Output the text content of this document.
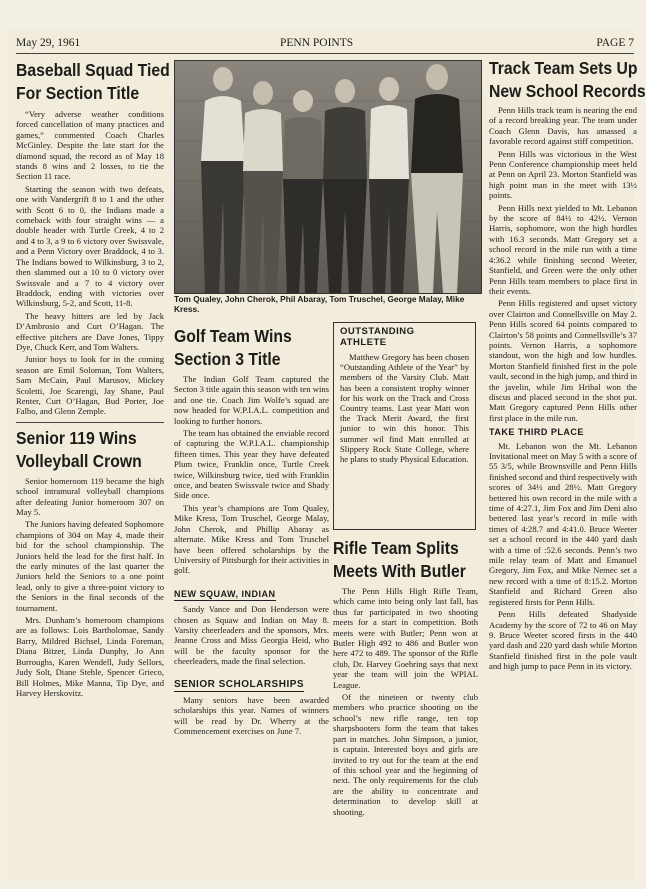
May 29, 1961	PENN POINTS	PAGE 7
Baseball Squad Tied
For Section Title

“Very adverse weather conditions forced cancellation of many practices and games,” commented Coach Charles McGinley. Despite the late start for the diamond squad, the record as of May 18 stands 8 wins and 2 losses, to tie the Section 11 race.

Starting the season with two defeats, one with Vandergrift 8 to 1 and the other with Scott 6 to 0, the Indians made a comeback with four straight wins — a double header with Turtle Creek, 4 to 2 and 4 to 3, a 9 to 6 victory over Swissvale, and a Penn Victory over Braddock, 4 to 3. The Indians bowed to Wilkinsburg, 3 to 2, then slammed out a 10 to 0 victory over Swissvale and a 7 to 4 victory over Braddock, ending with victories over Wilkinsburg, 5-2, and Scott, 11-8.

The heavy hitters are led by Jack D’Ambrosio and Curt O’Hagan. The effective pitchers are Dave Jones, Tippy Dye, Chuck Kerr, and Tom Walters.

Junior boys to look for in the coming season are Emil Soloman, Tom Walters, Sam McCain, Paul Marusov, Mickey Scoletti, Joe Scarengi, Jay Shane, Paul Renter, Curt O’Hagan, Bud Porter, Joe Falbo, and Glenn Zemple.

Senior 119 Wins
Volleyball Crown

Senior homeroom 119 became the high school intramural volleyball champions after defeating Junior homeroom 307 on May 5.

The Juniors having defeated Sophomore champions of 304 on May 4, made their bid for the school championship. The Juniors held the lead for the first half. In the early minutes of the last quarter the Juniors held the Seniors to a one point lead, only to give a three-point victory to the Seniors in the final seconds of the tournament.

Mrs. Dunham’s homeroom champions are as follows: Lois Bartholomae, Sandy Barry, Mildred Bichsel, Linda Foreman, Diana Bitzer, Linda Dunphy, Jo Ann Burroughs, Karen Wendell, Judy Sellors, Judy Solt, Diane Stehle, Spencer Grieco, Bill Holmes, Mike Manna, Tip Dye, and Harvey Herskovitz.

Tom Qualey, John Cherok, Phil Abaray, Tom Truschel, George Malay, Mike Kress.
Golf Team Wins
Section 3 Title

The Indian Golf Team captured the Secton 3 title again this season with ten wins and one tie. Coach Jim Wolfe’s squad are now headed for W.P.I.A.L. competition and looking to further honors.

The team has obtained the enviable record of capturing the W.P.I.A.L. championship fifteen times. This year they have defeated Plum twice, Franklin once, Turtle Creek twice, Wilkinsburg twice, tied with Franklin once, and beaten Swissvale twice and Shady Side once.

This year’s champions are Tom Qualey, Mike Kress, Tom Truschel, George Malay, John Cherok, and Phillip Abaray as alternate. Mike Kress and Tom Truschel have been offered scholarships by the University of Pittsburgh for their activities in golf.

NEW SQUAW, INDIAN

Sandy Vance and Don Henderson were chosen as Squaw and Indian on May 8. Varsity cheerleaders and the sponsors, Mrs. Jeanne Cross and Miss Georgia Heid, who will be the faculty sponsor for the cheerleaders, made the final selection.

SENIOR SCHOLARSHIPS

Many seniors have been awarded scholarships this year. Names of winners will be read by Dr. Wherry at the Commencement exercises on June 7.

OUTSTANDING
ATHLETE

Matthew Gregory has been chosen “Outstanding Athlete of the Year” by members of the Varsity Club. Matt has been a consistent trophy winner for his work on the Track and Cross Country teams. Last year Matt won the Track Merit Award, the first junior to win this honor. This summer wil find Matt enrolled at Slippery Rock State College, where he plans to study Physical Education.

Rifle Team Splits
Meets With Butler

The Penn Hills High Rifle Team, which came into being only last fall, has thus far participated in two shooting meets for a start in competition. Both meets were with Butler; Penn won at Butler High 492 to 486 and Butler won here 472 to 489. The sponsor of the Rifle club, Dr. Harvey Goehring says that next year the team will join the WPIAL League.

Of the nineteen or twenty club members who practice shooting on the school’s new rifle range, ten top sharpshooters form the team that takes part in matches. John Simpson, a junior, is captain. Interested boys and girls are invited to try out for the team at the end of this school year and the beginning of next. The only requirements for the club are the ability to concentrate and determination to develop skill at shooting.

Track Team Sets Up
New School Records

Penn Hills track team is nearing the end of a record breaking year. The team under Coach Glenn Davis, has amassed a favorable record against stiff competition.

Penn Hills was victorious in the West Penn Conference championship meet held at Penn on April 23. Morton Stanfield was high point man in the meet with 13½ points.

Penn Hills next yielded to Mt. Lebanon by the score of 84½ to 42½. Vernon Harris, sophomore, won the high hurdles with 16.3 seconds. Matt Gregory set a school record in the mile run with a time 4:36.2 while finishing second Weeter, Stanfield, and Green were the only other Penn Hills team members to place first in their events.

Penn Hills registered and upset victory over Clairton and Connellsville on May 2. Penn Hills scored 64 points compared to Clairton’s 58 points and Connellsville’s 37 points. Vernon Harris, a sophomore standout, won the high and low hurdles. Morton Stanfield finished first in the pole vault, second in the high jump, and third in the javelin, while Jim Hribal won the discus and placed second in the shot put. Matt Gregory captured Penn Hills other first place in the mile run.

TAKE THIRD PLACE

Mt. Lebanon won the Mt. Lebanon Invitational meet on May 5 with a score of 55 3/5, while Brownsville and Penn Hills finished second and third respectively with scores of 34½ and 28½. Matt Gregory bettered his own record in the mile with a time of 4:27.1, Jim Fox and Jim Deni also bettered last year’s record in mile with times of 4:28.7 and 4:41.0. Bruce Weeter set a school record in the 440 yard dash with a time of :52.6 seconds. Penn’s two mile relay team of Matt and Emanuel Gregory, Jim Fox, and Mike Nemec set a new record with a time of 8:15.2. Morton Stanfield and Richard Green also registered firsts for Penn Hills.

Penn Hills defeated Shadyside Academy by the score of 72 to 46 on May 9. Bruce Weeter scored firsts in the 440 yard dash and 220 yard dash while Morton Stanfield finished first in the pole vault and high jump to pace Penn in its victory.
